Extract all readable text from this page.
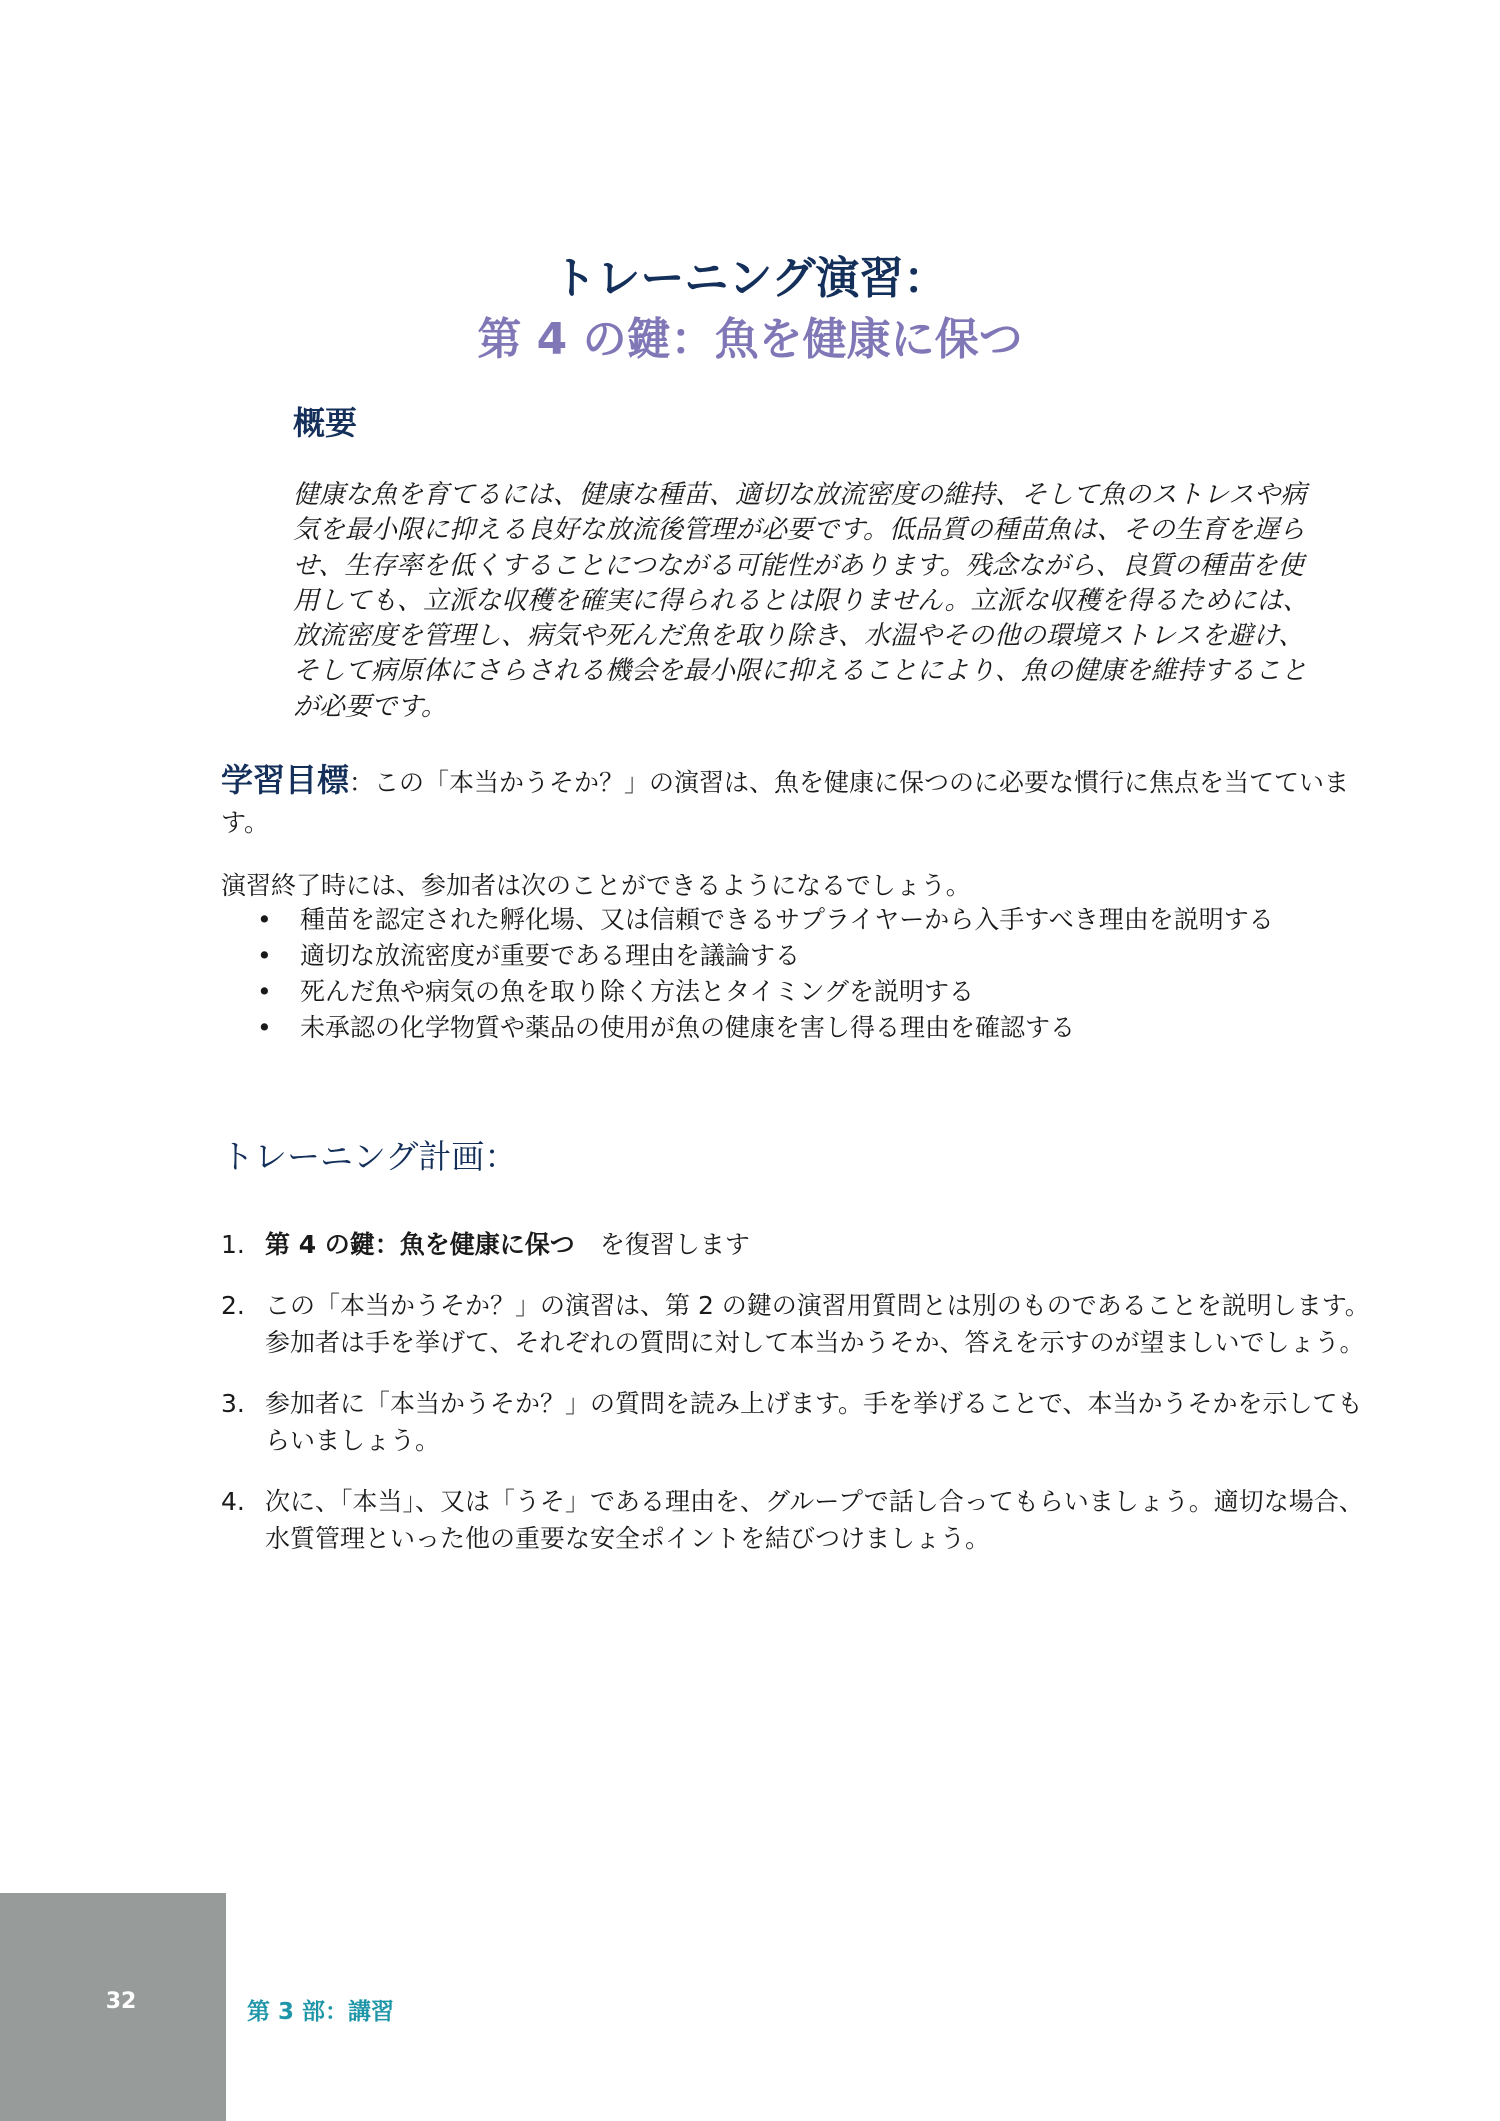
トレーニング演習：
第 4 の鍵：魚を健康に保つ
概要

健康な魚を育てるには、健康な種苗、適切な放流密度の維持、そして魚のストレスや病気を最小限に抑える良好な放流後管理が必要です。低品質の種苗魚は、その生育を遅らせ、生存率を低くすることにつながる可能性があります。残念ながら、良質の種苗を使用しても、立派な収穫を確実に得られるとは限りません。立派な収穫を得るためには、放流密度を管理し、病気や死んだ魚を取り除き、水温やその他の環境ストレスを避け、そして病原体にさらされる機会を最小限に抑えることにより、魚の健康を維持することが必要です。

学習目標：この「本当かうそか？」の演習は、魚を健康に保つのに必要な慣行に焦点を当てています。

演習終了時には、参加者は次のことができるようになるでしょう。

• 種苗を認定された孵化場、又は信頼できるサプライヤーから入手すべき理由を説明する
• 適切な放流密度が重要である理由を議論する
• 死んだ魚や病気の魚を取り除く方法とタイミングを説明する
• 未承認の化学物質や薬品の使用が魚の健康を害し得る理由を確認する
トレーニング計画：
1. 第 4 の鍵：魚を健康に保つ　を復習します
2. この「本当かうそか？」の演習は、第 2 の鍵の演習用質問とは別のものであることを説明します。参加者は手を挙げて、それぞれの質問に対して本当かうそか、答えを示すのが望ましいでしょう。
3. 参加者に「本当かうそか？」の質問を読み上げます。手を挙げることで、本当かうそかを示してもらいましょう。
4. 次に、「本当」、又は「うそ」である理由を、グループで話し合ってもらいましょう。適切な場合、水質管理といった他の重要な安全ポイントを結びつけましょう。
32	第 3 部：講習
